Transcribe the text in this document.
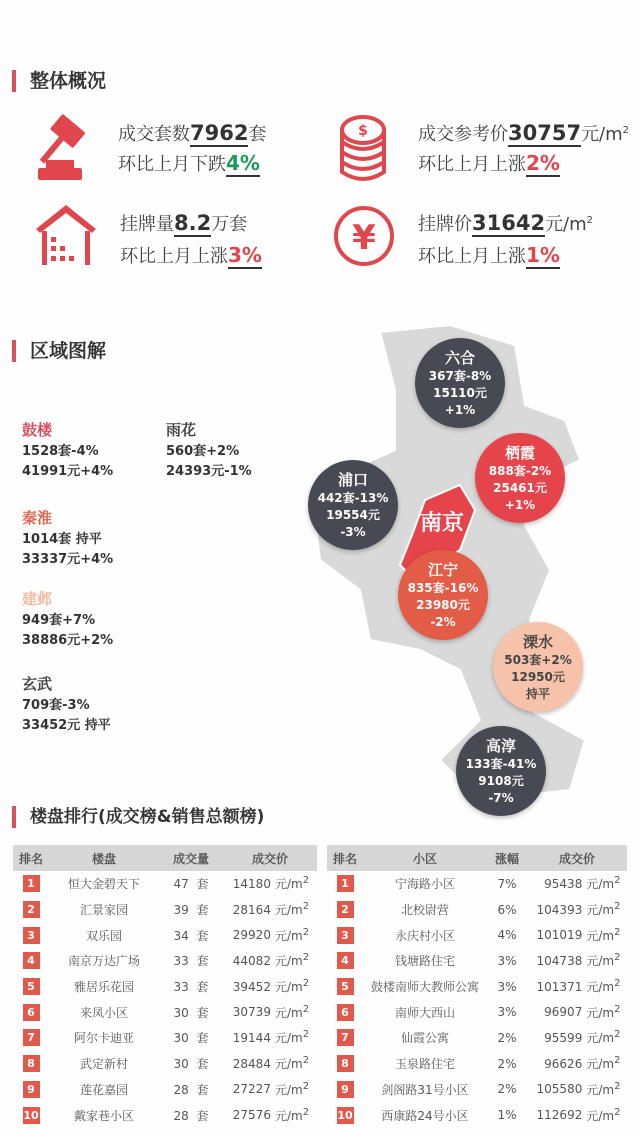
整体概况
$
¥
成交套数7962套
环比上月下跌4%
成交参考价30757元$/m^2$
环比上月上涨2%
挂牌量8.2万套
环比上月上涨3%
挂牌价31642元$/m^2$
环比上月上涨1%
区域图解
鼓楼
1528套-4%
41991元+4%
雨花
560套+2%
24393元-1%
秦淮
1014套 持平
33337元+4%
建邺
949套+7%
38886元+2%
玄武
709套-3%
33452元 持平
南京
六合
367套-8%
15110元
+1%
栖霞
888套-2%
25461元
+1%
浦口
442套-13%
19554元
-3%
江宁
835套-16%
23980元
-2%
溧水
503套+2%
12950元
持平
高淳
133套-41%
9108元
-7%
楼盘排行(成交榜&销售总额榜)
排名	楼盘	成交量	成交价	
1	恒大金碧天下	47 套	14180	元$/m^2$
2	汇景家园	39 套	28164	元$/m^2$
3	双乐园	34 套	29920	元$/m^2$
4	南京万达广场	33 套	44082	元$/m^2$
5	雅居乐花园	33 套	39452	元$/m^2$
6	来凤小区	30 套	30739	元$/m^2$
7	阿尔卡迪亚	30 套	19144	元$/m^2$
8	武定新村	30 套	28484	元$/m^2$
9	莲花嘉园	28 套	27227	元$/m^2$
10	戴家巷小区	28 套	27576	元$/m^2$
排名	小区	涨幅	成交价	
1	宁海路小区	7%	95438	元$/m^2$
2	北校尉营	6%	104393	元$/m^2$
3	永庆村小区	4%	101019	元$/m^2$
4	钱塘路住宅	3%	104738	元$/m^2$
5	鼓楼南师大教师公寓	3%	101371	元$/m^2$
6	南师大西山	3%	96907	元$/m^2$
7	仙霞公寓	2%	95599	元$/m^2$
8	玉泉路住宅	2%	96626	元$/m^2$
9	剑阁路31号小区	2%	105580	元$/m^2$
10	西康路24号小区	1%	112692	元$/m^2$
